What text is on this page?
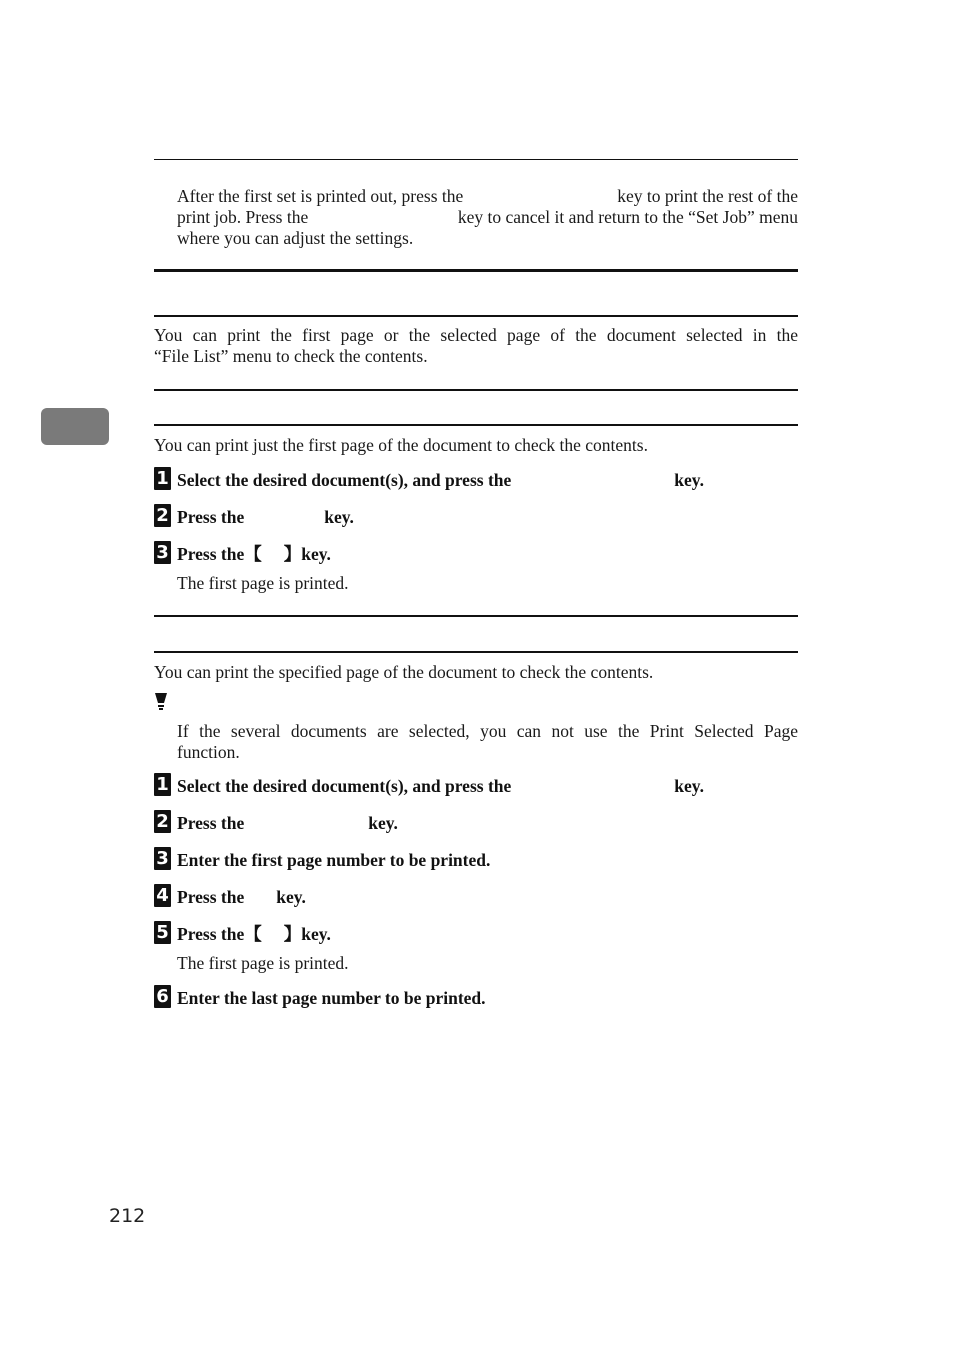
After the first set is printed out, press the	key to print the rest of the
print job. Press the	key to cancel it and return to the “Set Job” menu
where you can adjust the settings.
You can print the first page or the selected page of the document selected in the
“File List” menu to check the contents.
You can print just the first page of the document to check the contents.
1 Select the desired document(s), and press the	key.
2 Press the	key.
3 Press the【 】key.
The first page is printed.
You can print the specified page of the document to check the contents.
If the several documents are selected, you can not use the Print Selected Page
function.
1 Select the desired document(s), and press the	key.
2 Press the	key.
3 Enter the first page number to be printed.
4 Press the key.
5 Press the【 】key.
The first page is printed.
6 Enter the last page number to be printed.
212
